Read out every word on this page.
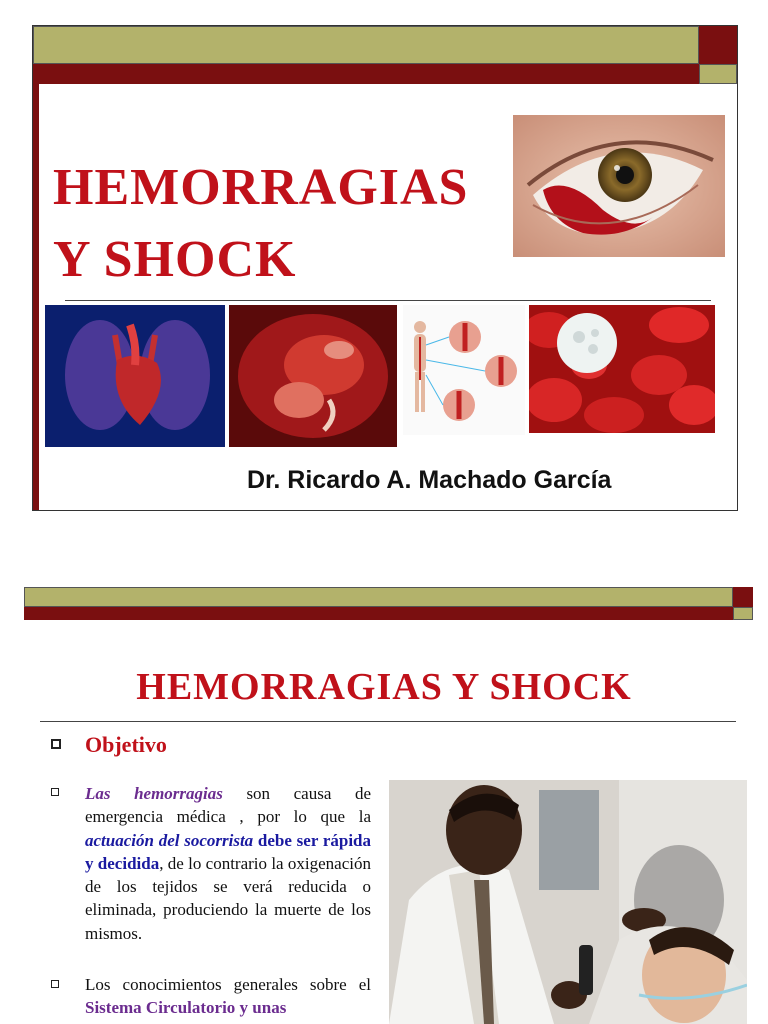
HEMORRAGIAS
Y SHOCK
Dr. Ricardo A. Machado García
HEMORRAGIAS Y SHOCK
Objetivo
Las hemorragias son causa de emergencia médica , por lo que la actuación del socorrista debe ser rápida y decidida, de lo contrario la oxigenación de los tejidos se verá reducida o eliminada, produciendo la muerte de los mismos.
Los conocimientos generales sobre el Sistema Circulatorio y unas
